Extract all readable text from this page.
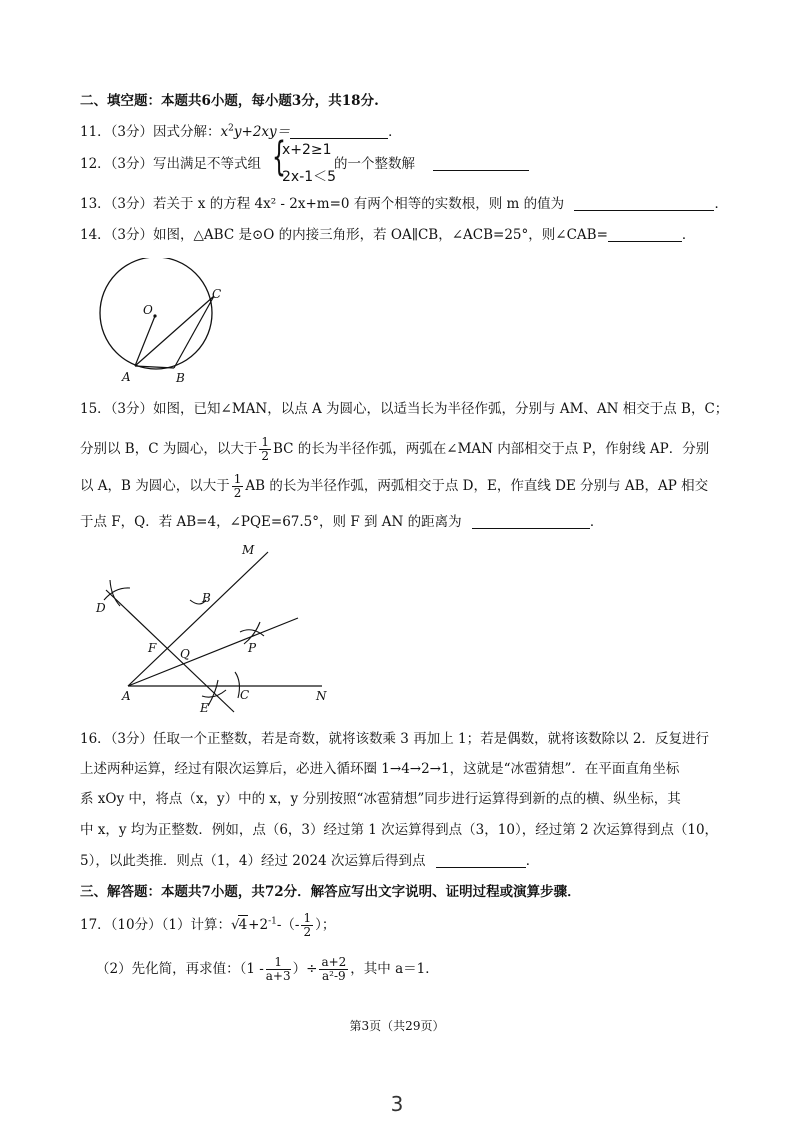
二、填空题：本题共6小题，每小题3分，共18分.
11．（3分）因式分解：$x^2y+2xy=$	．
12．（3分）写出满足不等式组 {
x+2≥1
2x-1＜5
的一个整数解
13．（3分）若关于 x 的方程 4x² - 2x+m=0 有两个相等的实数根，则 m 的值为	．
14．（3分）如图，△ABC 是⊙O 的内接三角形，若 OA∥CB，∠ACB=25°，则∠CAB=	．
O
C
A	B
15．（3分）如图，已知∠MAN，以点 A 为圆心，以适当长为半径作弧，分别与 AM、AN 相交于点 B，C；
分别以 B，C 为圆心，以大于 $\frac{1}{2}$ BC 的长为半径作弧，两弧在∠MAN 内部相交于点 P，作射线 AP．分别
以 A，B 为圆心，以大于 $\frac{1}{2}$ AB 的长为半径作弧，两弧相交于点 D，E，作直线 DE 分别与 AB，AP 相交
于点 F，Q．若 AB=4，∠PQE=67.5°，则 F 到 AN 的距离为	．
M
D
B
F Q	P
A
E
C	N
16．（3分）任取一个正整数，若是奇数，就将该数乘 3 再加上 1；若是偶数，就将该数除以 2．反复进行
上述两种运算，经过有限次运算后，必进入循环圈 1→4→2→1，这就是“冰雹猜想”．在平面直角坐标
系 xOy 中，将点（x，y）中的 x，y 分别按照“冰雹猜想”同步进行运算得到新的点的横、纵坐标，其
中 x，y 均为正整数．例如，点（6，3）经过第 1 次运算得到点（3，10），经过第 2 次运算得到点（10，
5），以此类推．则点（1，4）经过 2024 次运算后得到点	．
三、解答题：本题共7小题，共72分．解答应写出文字说明、证明过程或演算步骤．
17．（10分）（1）计算：$√4+2^{-1}-(- \frac{1}{2}$ ）；
（2）先化简，再求值：（$1 - \frac{1}{a+3}$ ）÷ $\frac{a+2}{\text{a²-9}}$ ，其中 a＝1．
第3页（共29页）
3
